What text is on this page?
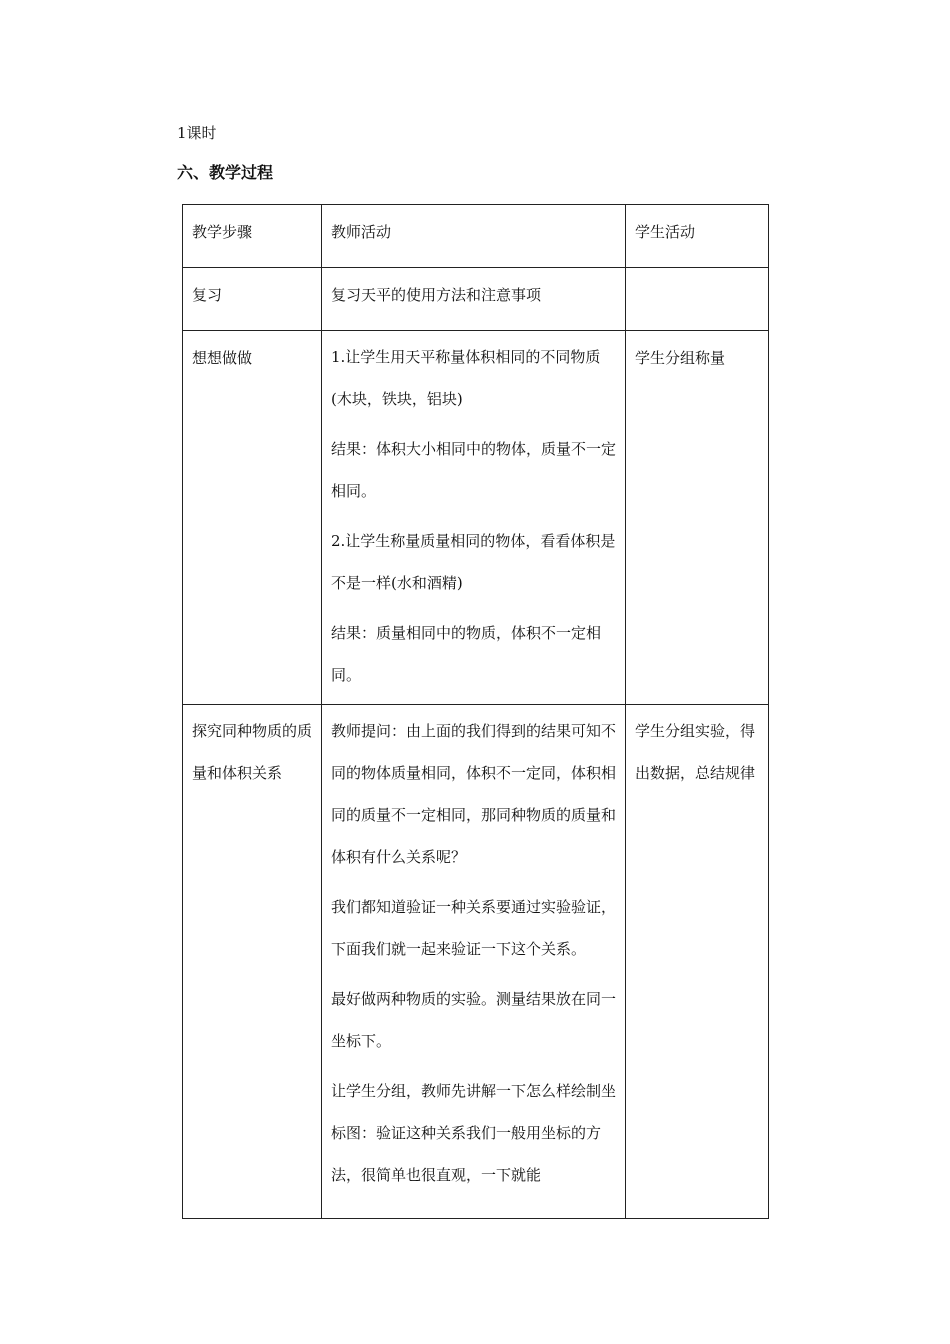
1课时
六、教学过程
教学步骤	教师活动	学生活动

复习	复习天平的使用方法和注意事项	

想想做做	1.让学生用天平称量体积相同的不同物质(木块，铁块，铝块)

结果：体积大小相同中的物体，质量不一定相同。

2.让学生称量质量相同的物体，看看体积是不是一样(水和酒精)

结果：质量相同中的物质，体积不一定相同。	学生分组称量

探究同种物质的质量和体积关系	教师提问：由上面的我们得到的结果可知不同的物体质量相同，体积不一定同，体积相同的质量不一定相同，那同种物质的质量和体积有什么关系呢？

我们都知道验证一种关系要通过实验验证，下面我们就一起来验证一下这个关系。

最好做两种物质的实验。测量结果放在同一坐标下。

让学生分组，教师先讲解一下怎么样绘制坐标图：验证这种关系我们一般用坐标的方法，很简单也很直观，一下就能	学生分组实验，得出数据，总结规律
